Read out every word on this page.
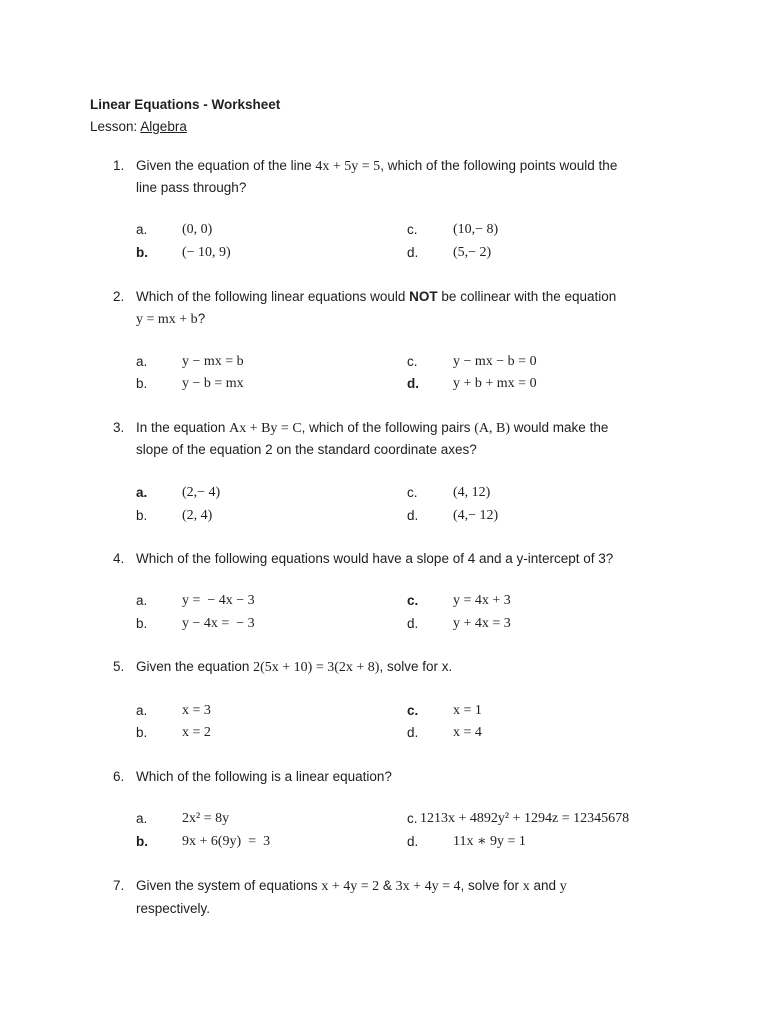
Linear Equations - Worksheet
Lesson: Algebra
1. Given the equation of the line 4x + 5y = 5, which of the following points would the
line pass through?
a.	(0, 0)
b.	(− 10, 9)
c.	(10,− 8)
d.	(5,− 2)
2. Which of the following linear equations would NOT be collinear with the equation
y = mx + b?
a.	y − mx = b
b.	y − b = mx
c.	y − mx − b = 0
d.	y + b + mx = 0
3. In the equation Ax + By = C, which of the following pairs (A, B) would make the
slope of the equation 2 on the standard coordinate axes?
a.	(2,− 4)
b.	(2, 4)
c.	(4, 12)
d.	(4,− 12)
4. Which of the following equations would have a slope of 4 and a y-intercept of 3?
a.	y =  − 4x − 3
b.	y − 4x =  − 3
c.	y = 4x + 3
d.	y + 4x = 3
5. Given the equation 2(5x + 10) = 3(2x + 8), solve for x.
a.	x = 3
b.	x = 2
c.	x = 1
d.	x = 4
6. Which of the following is a linear equation?
a.	2x² = 8y
b.	9x + 6(9y)  =  3
c. 1213x + 4892y² + 1294z = 12345678
d.	11x ∗ 9y = 1
7. Given the system of equations x + 4y = 2 & 3x + 4y = 4, solve for x and y
respectively.
